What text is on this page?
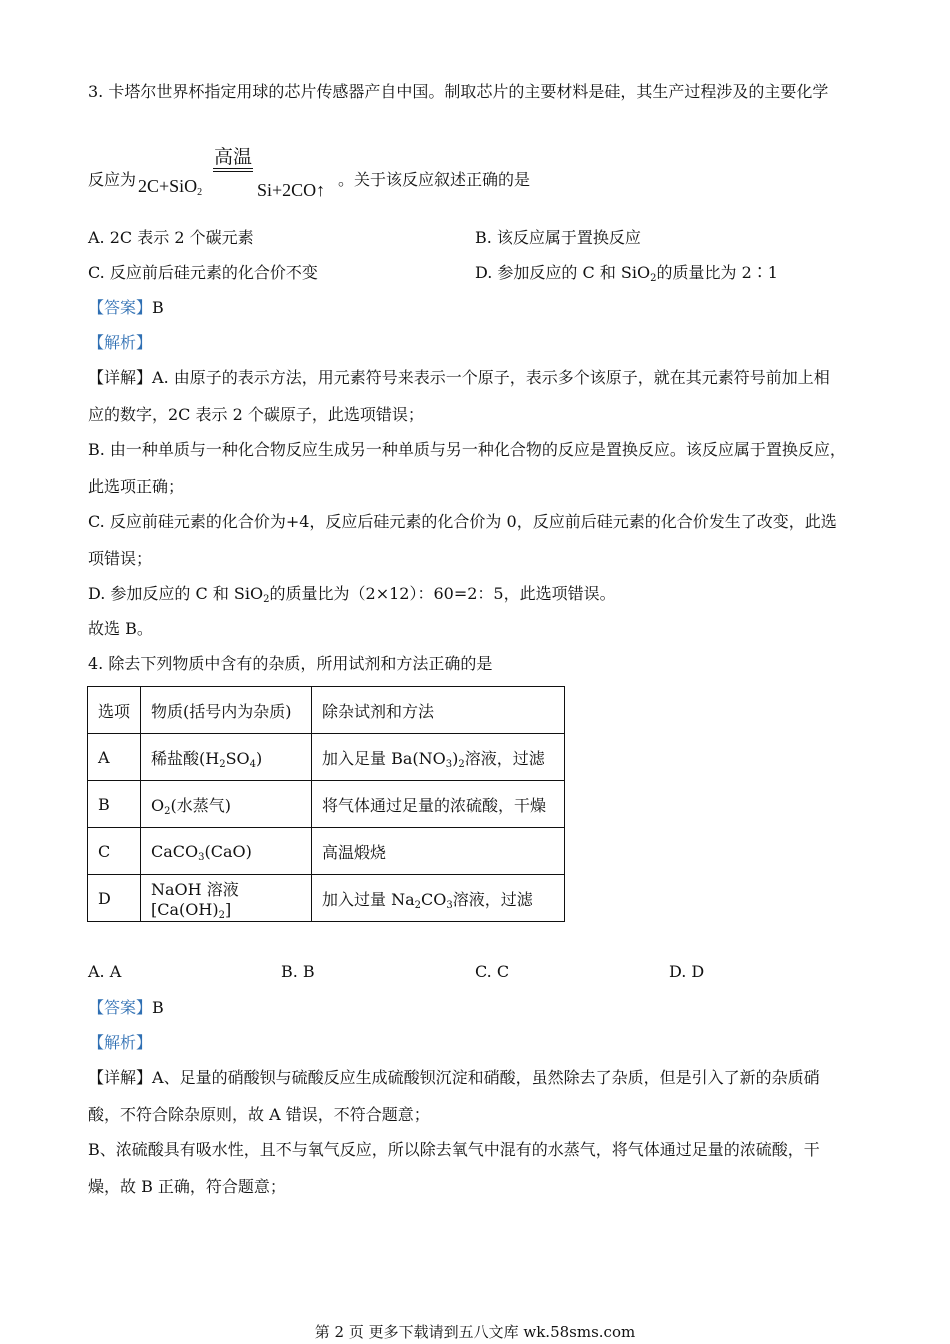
3. 卡塔尔世界杯指定用球的芯片传感器产自中国。制取芯片的主要材料是硅，其生产过程涉及的主要化学
高温
反应为 2C+SiO$_2$	Si+2CO↑
。关于该反应叙述正确的是
A. 2C 表示 2 个碳元素	B. 该反应属于置换反应
C. 反应前后硅元素的化合价不变	D. 参加反应的 C 和 SiO$_2$的质量比为 2∶1
【答案】B
【解析】
【详解】A. 由原子的表示方法，用元素符号来表示一个原子，表示多个该原子，就在其元素符号前加上相
应的数字，2C 表示 2 个碳原子，此选项错误；
B. 由一种单质与一种化合物反应生成另一种单质与另一种化合物的反应是置换反应。该反应属于置换反应，
此选项正确；
C. 反应前硅元素的化合价为+4，反应后硅元素的化合价为 0，反应前后硅元素的化合价发生了改变，此选
项错误；
D. 参加反应的 C 和 SiO$_2$的质量比为（2×12）：60=2：5，此选项错误。
故选 B。
4. 除去下列物质中含有的杂质，所用试剂和方法正确的是
选项	物质(括号内为杂质)	除杂试剂和方法
A	稀盐酸$(H_2SO_4)$	加入足量 $Ba(NO_3)_2$溶液，过滤
B	$O_2$(水蒸气)	将气体通过足量的浓硫酸，干燥
C	CaCO$_3$(CaO)	高温煅烧
D	NaOH 溶液$[Ca(OH)_2]$	加入过量 $Na_2CO_3$溶液，过滤
A. A	B. B	C. C	D. D
【答案】B
【解析】
【详解】A、足量的硝酸钡与硫酸反应生成硫酸钡沉淀和硝酸，虽然除去了杂质，但是引入了新的杂质硝
酸，不符合除杂原则，故 A 错误，不符合题意；
B、浓硫酸具有吸水性，且不与氧气反应，所以除去氧气中混有的水蒸气，将气体通过足量的浓硫酸，干
燥，故 B 正确，符合题意；
第 2 页 更多下载请到五八文库 wk.58sms.com
